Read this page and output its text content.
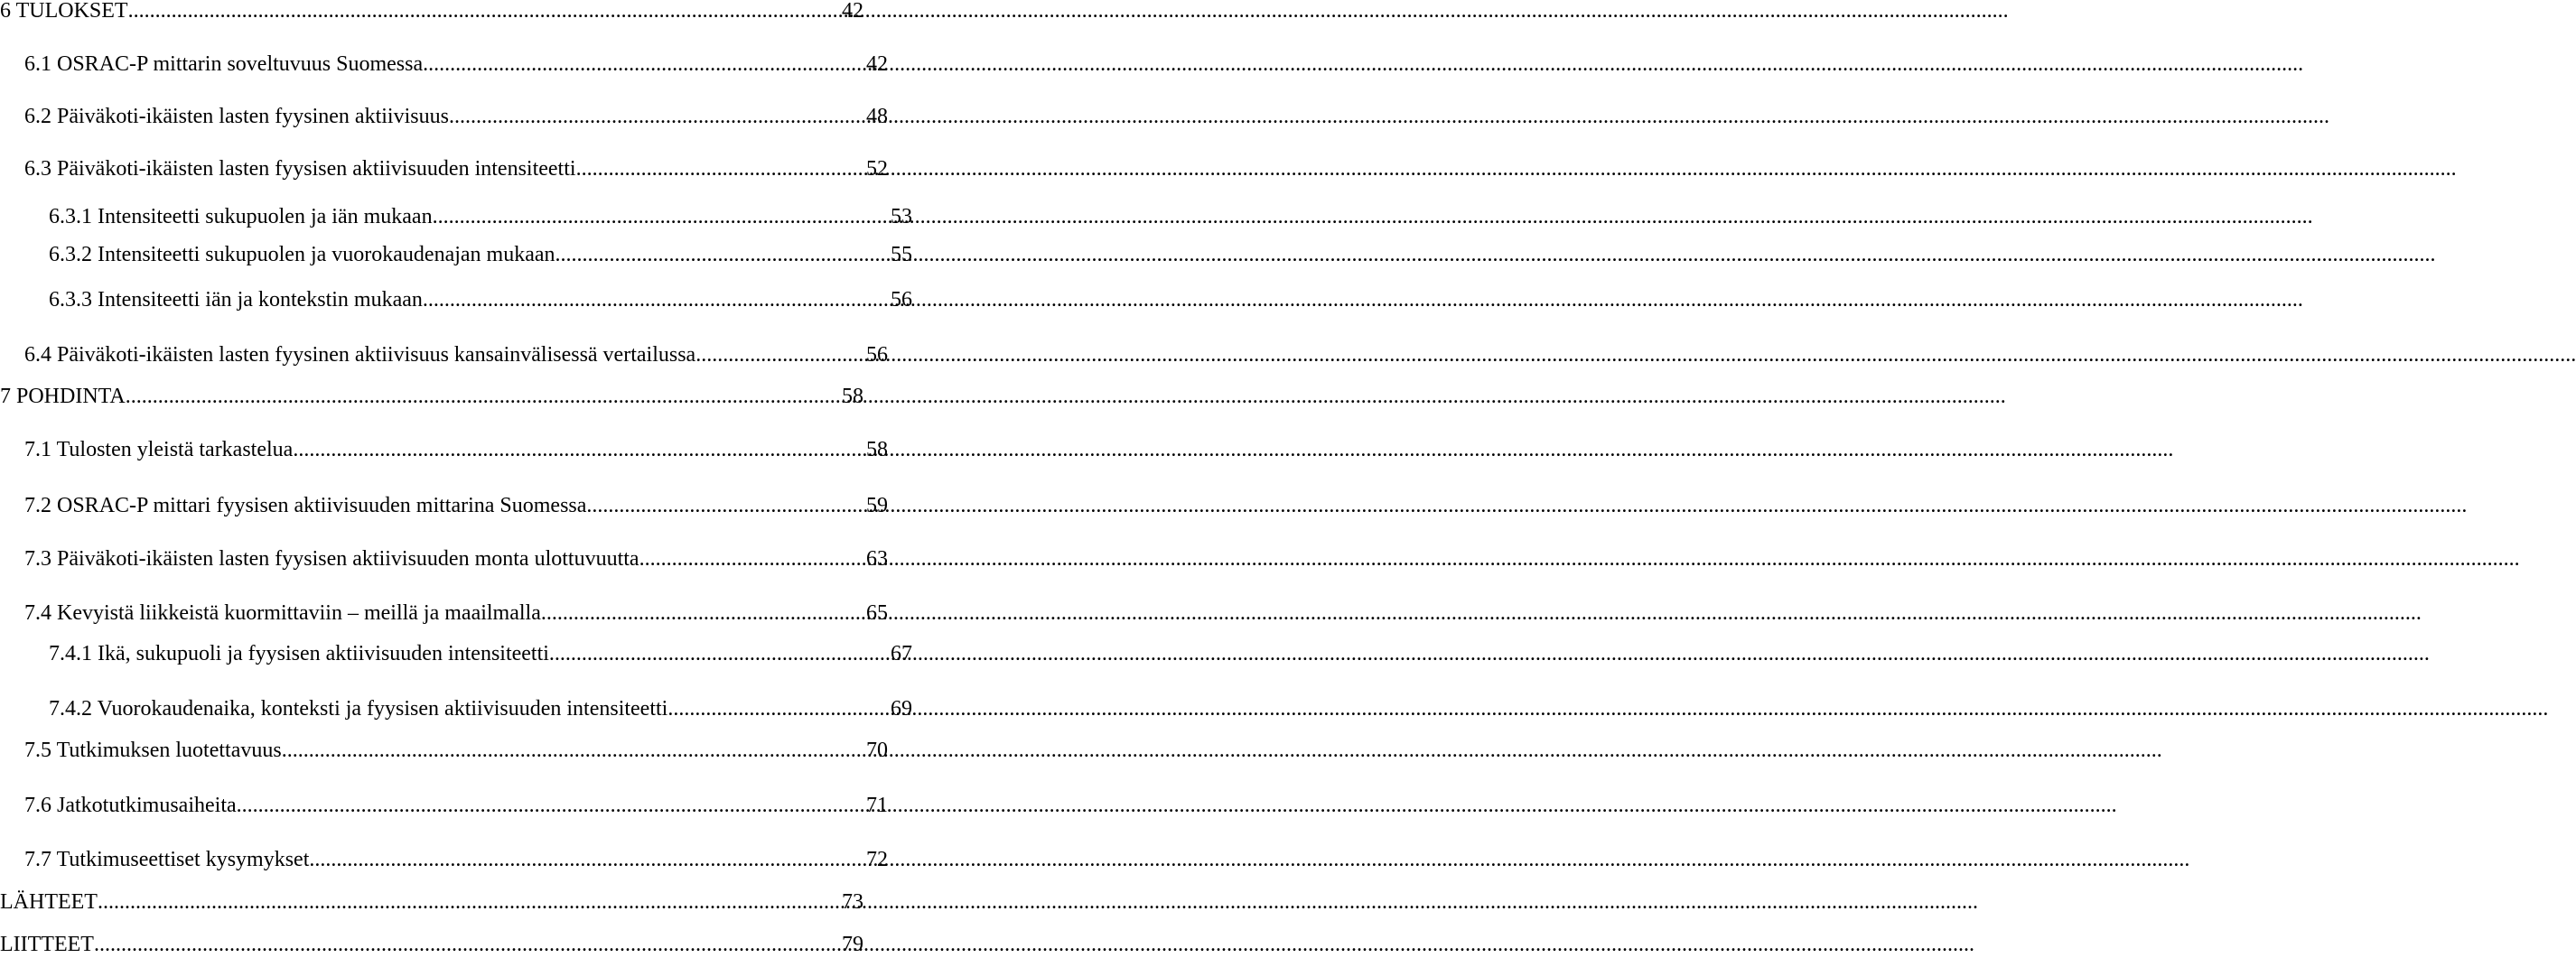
6 TULOKSET .....	42
6.1 OSRAC-P mittarin soveltuvuus Suomessa .....	42
6.2 Päiväkoti-ikäisten lasten fyysinen aktiivisuus .....	48
6.3 Päiväkoti-ikäisten lasten fyysisen aktiivisuuden intensiteetti .....	52
6.3.1 Intensiteetti sukupuolen ja iän mukaan .....	53
6.3.2 Intensiteetti sukupuolen ja vuorokaudenajan mukaan .....	55
6.3.3 Intensiteetti iän ja kontekstin mukaan .....	56
6.4 Päiväkoti-ikäisten lasten fyysinen aktiivisuus kansainvälisessä vertailussa .....	56
7 POHDINTA .....	58
7.1 Tulosten yleistä tarkastelua .....	58
7.2 OSRAC-P mittari fyysisen aktiivisuuden mittarina Suomessa .....	59
7.3 Päiväkoti-ikäisten lasten fyysisen aktiivisuuden monta ulottuvuutta .....	63
7.4 Kevyistä liikkeistä kuormittaviin – meillä ja maailmalla .....	65
7.4.1 Ikä, sukupuoli ja fyysisen aktiivisuuden intensiteetti .....	67
7.4.2 Vuorokaudenaika, konteksti ja fyysisen aktiivisuuden intensiteetti .....	69
7.5 Tutkimuksen luotettavuus .....	70
7.6 Jatkotutkimusaiheita .....	71
7.7 Tutkimuseettiset kysymykset .....	72
LÄHTEET .....	73
LIITTEET .....	79
